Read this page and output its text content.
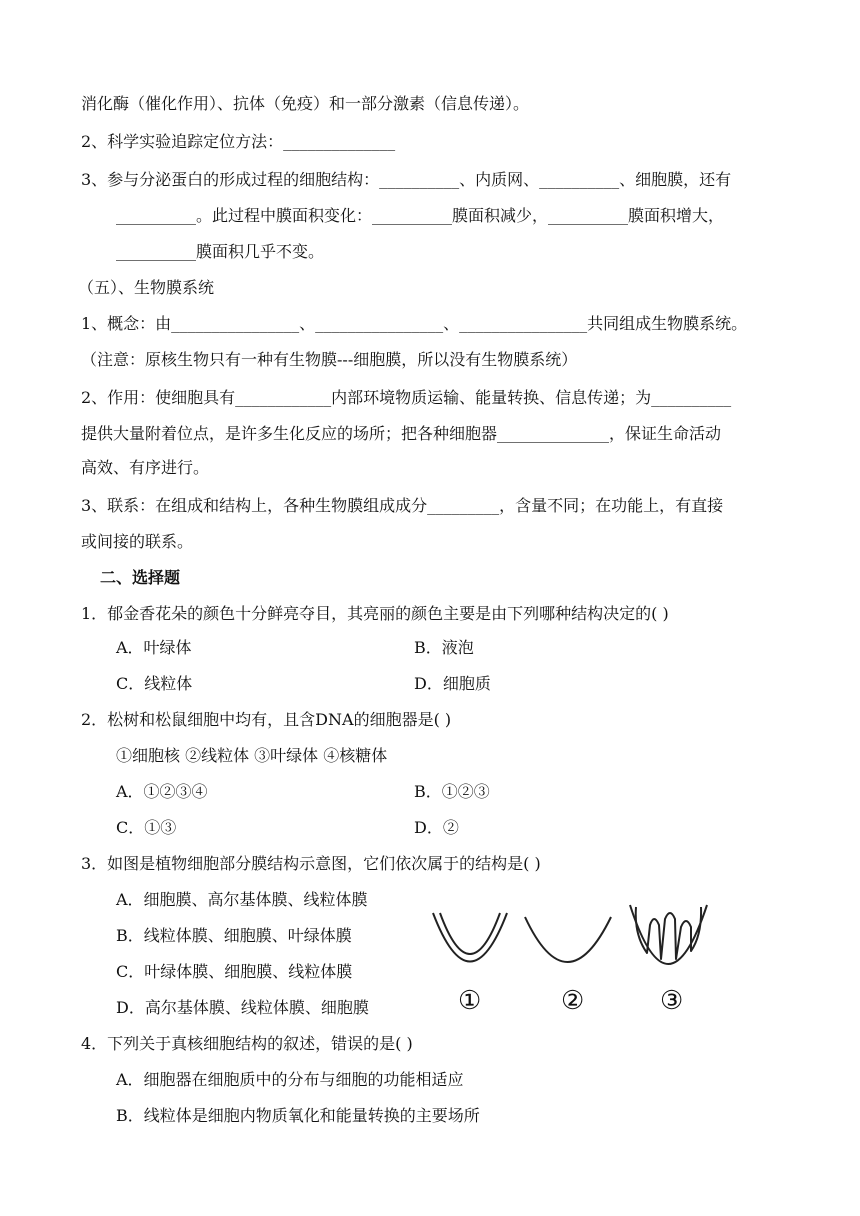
消化酶（催化作用）、抗体（免疫）和一部分激素（信息传递）。
2、科学实验追踪定位方法：______________
3、参与分泌蛋白的形成过程的细胞结构：__________、内质网、__________、细胞膜，还有
__________。此过程中膜面积变化：__________膜面积减少，__________膜面积增大，
__________膜面积几乎不变。
（五）、生物膜系统
1、概念：由________________、________________、________________共同组成生物膜系统。
（注意：原核生物只有一种有生物膜---细胞膜，所以没有生物膜系统）
2、作用：使细胞具有____________内部环境物质运输、能量转换、信息传递；为__________
提供大量附着位点，是许多生化反应的场所；把各种细胞器______________，保证生命活动
高效、有序进行。
3、联系：在组成和结构上，各种生物膜组成成分_________，含量不同；在功能上，有直接
或间接的联系。
二、选择题
1．郁金香花朵的颜色十分鲜亮夺目，其亮丽的颜色主要是由下列哪种结构决定的( )
A．叶绿体	B．液泡
C．线粒体	D．细胞质
2．松树和松鼠细胞中均有，且含DNA的细胞器是( )
①细胞核 ②线粒体 ③叶绿体 ④核糖体
A．①②③④	B．①②③
C．①③	D．②
3．如图是植物细胞部分膜结构示意图，它们依次属于的结构是( )
A．细胞膜、高尔基体膜、线粒体膜
B．线粒体膜、细胞膜、叶绿体膜
C．叶绿体膜、细胞膜、线粒体膜
D．高尔基体膜、线粒体膜、细胞膜	①	②	③
4．下列关于真核细胞结构的叙述，错误的是( )
A．细胞器在细胞质中的分布与细胞的功能相适应
B．线粒体是细胞内物质氧化和能量转换的主要场所
